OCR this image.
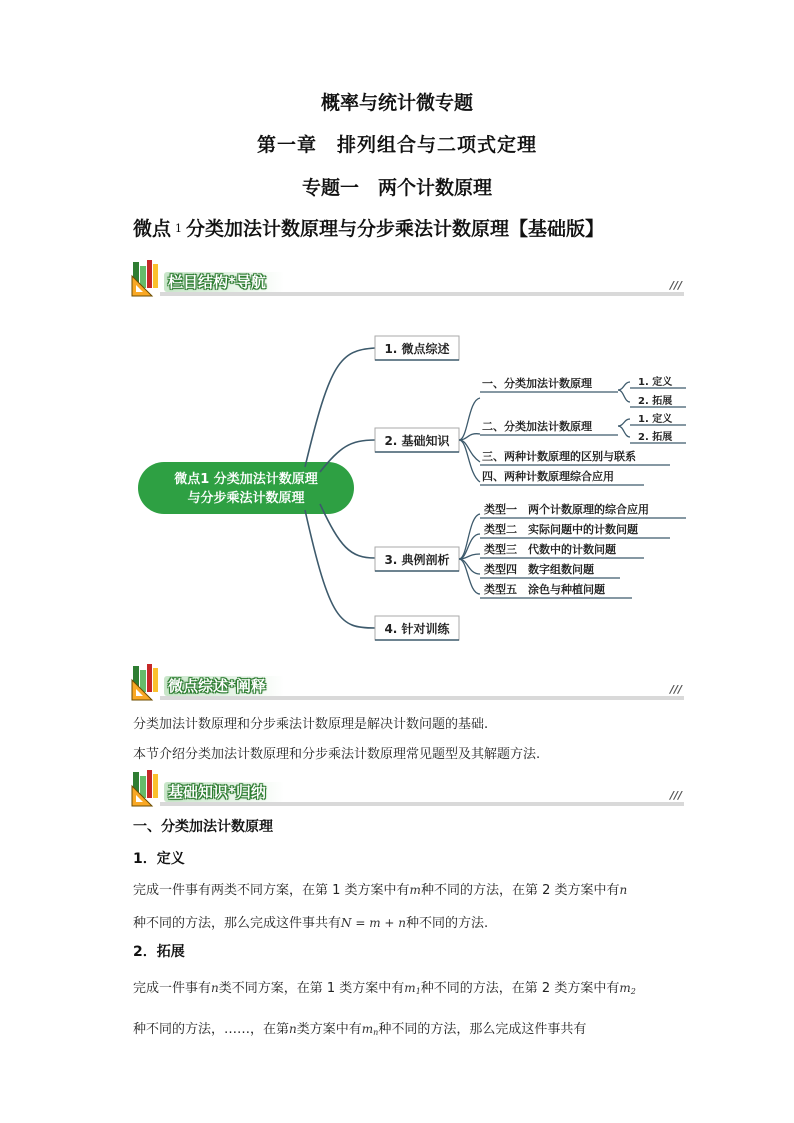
概率与统计微专题
第一章　排列组合与二项式定理
专题一　两个计数原理
微点 $^1$ 分类加法计数原理与分步乘法计数原理【基础版】
栏目结构*导航	///
微点1 分类加法计数原理
与分步乘法计数原理
1. 微点综述
2. 基础知识
3. 典例剖析
4. 针对训练
一、分类加法计数原理
二、分类加法计数原理
三、两种计数原理的区别与联系
四、两种计数原理综合应用
1. 定义
2. 拓展
1. 定义
2. 拓展
类型一　两个计数原理的综合应用
类型二　实际问题中的计数问题
类型三　代数中的计数问题
类型四　数字组数问题
类型五　涂色与种植问题
微点综述*阐释	///
分类加法计数原理和分步乘法计数原理是解决计数问题的基础.
本节介绍分类加法计数原理和分步乘法计数原理常见题型及其解题方法.
基础知识*归纳	///
一、分类加法计数原理
1．定义
完成一件事有两类不同方案，在第 1 类方案中有m种不同的方法，在第 2 类方案中有n
种不同的方法，那么完成这件事共有N = m + n种不同的方法.
2．拓展
完成一件事有n类不同方案，在第 1 类方案中有$m_1$种不同的方法，在第 2 类方案中有$m_2$
种不同的方法，……，在第n类方案中有$m_n$种不同的方法，那么完成这件事共有
